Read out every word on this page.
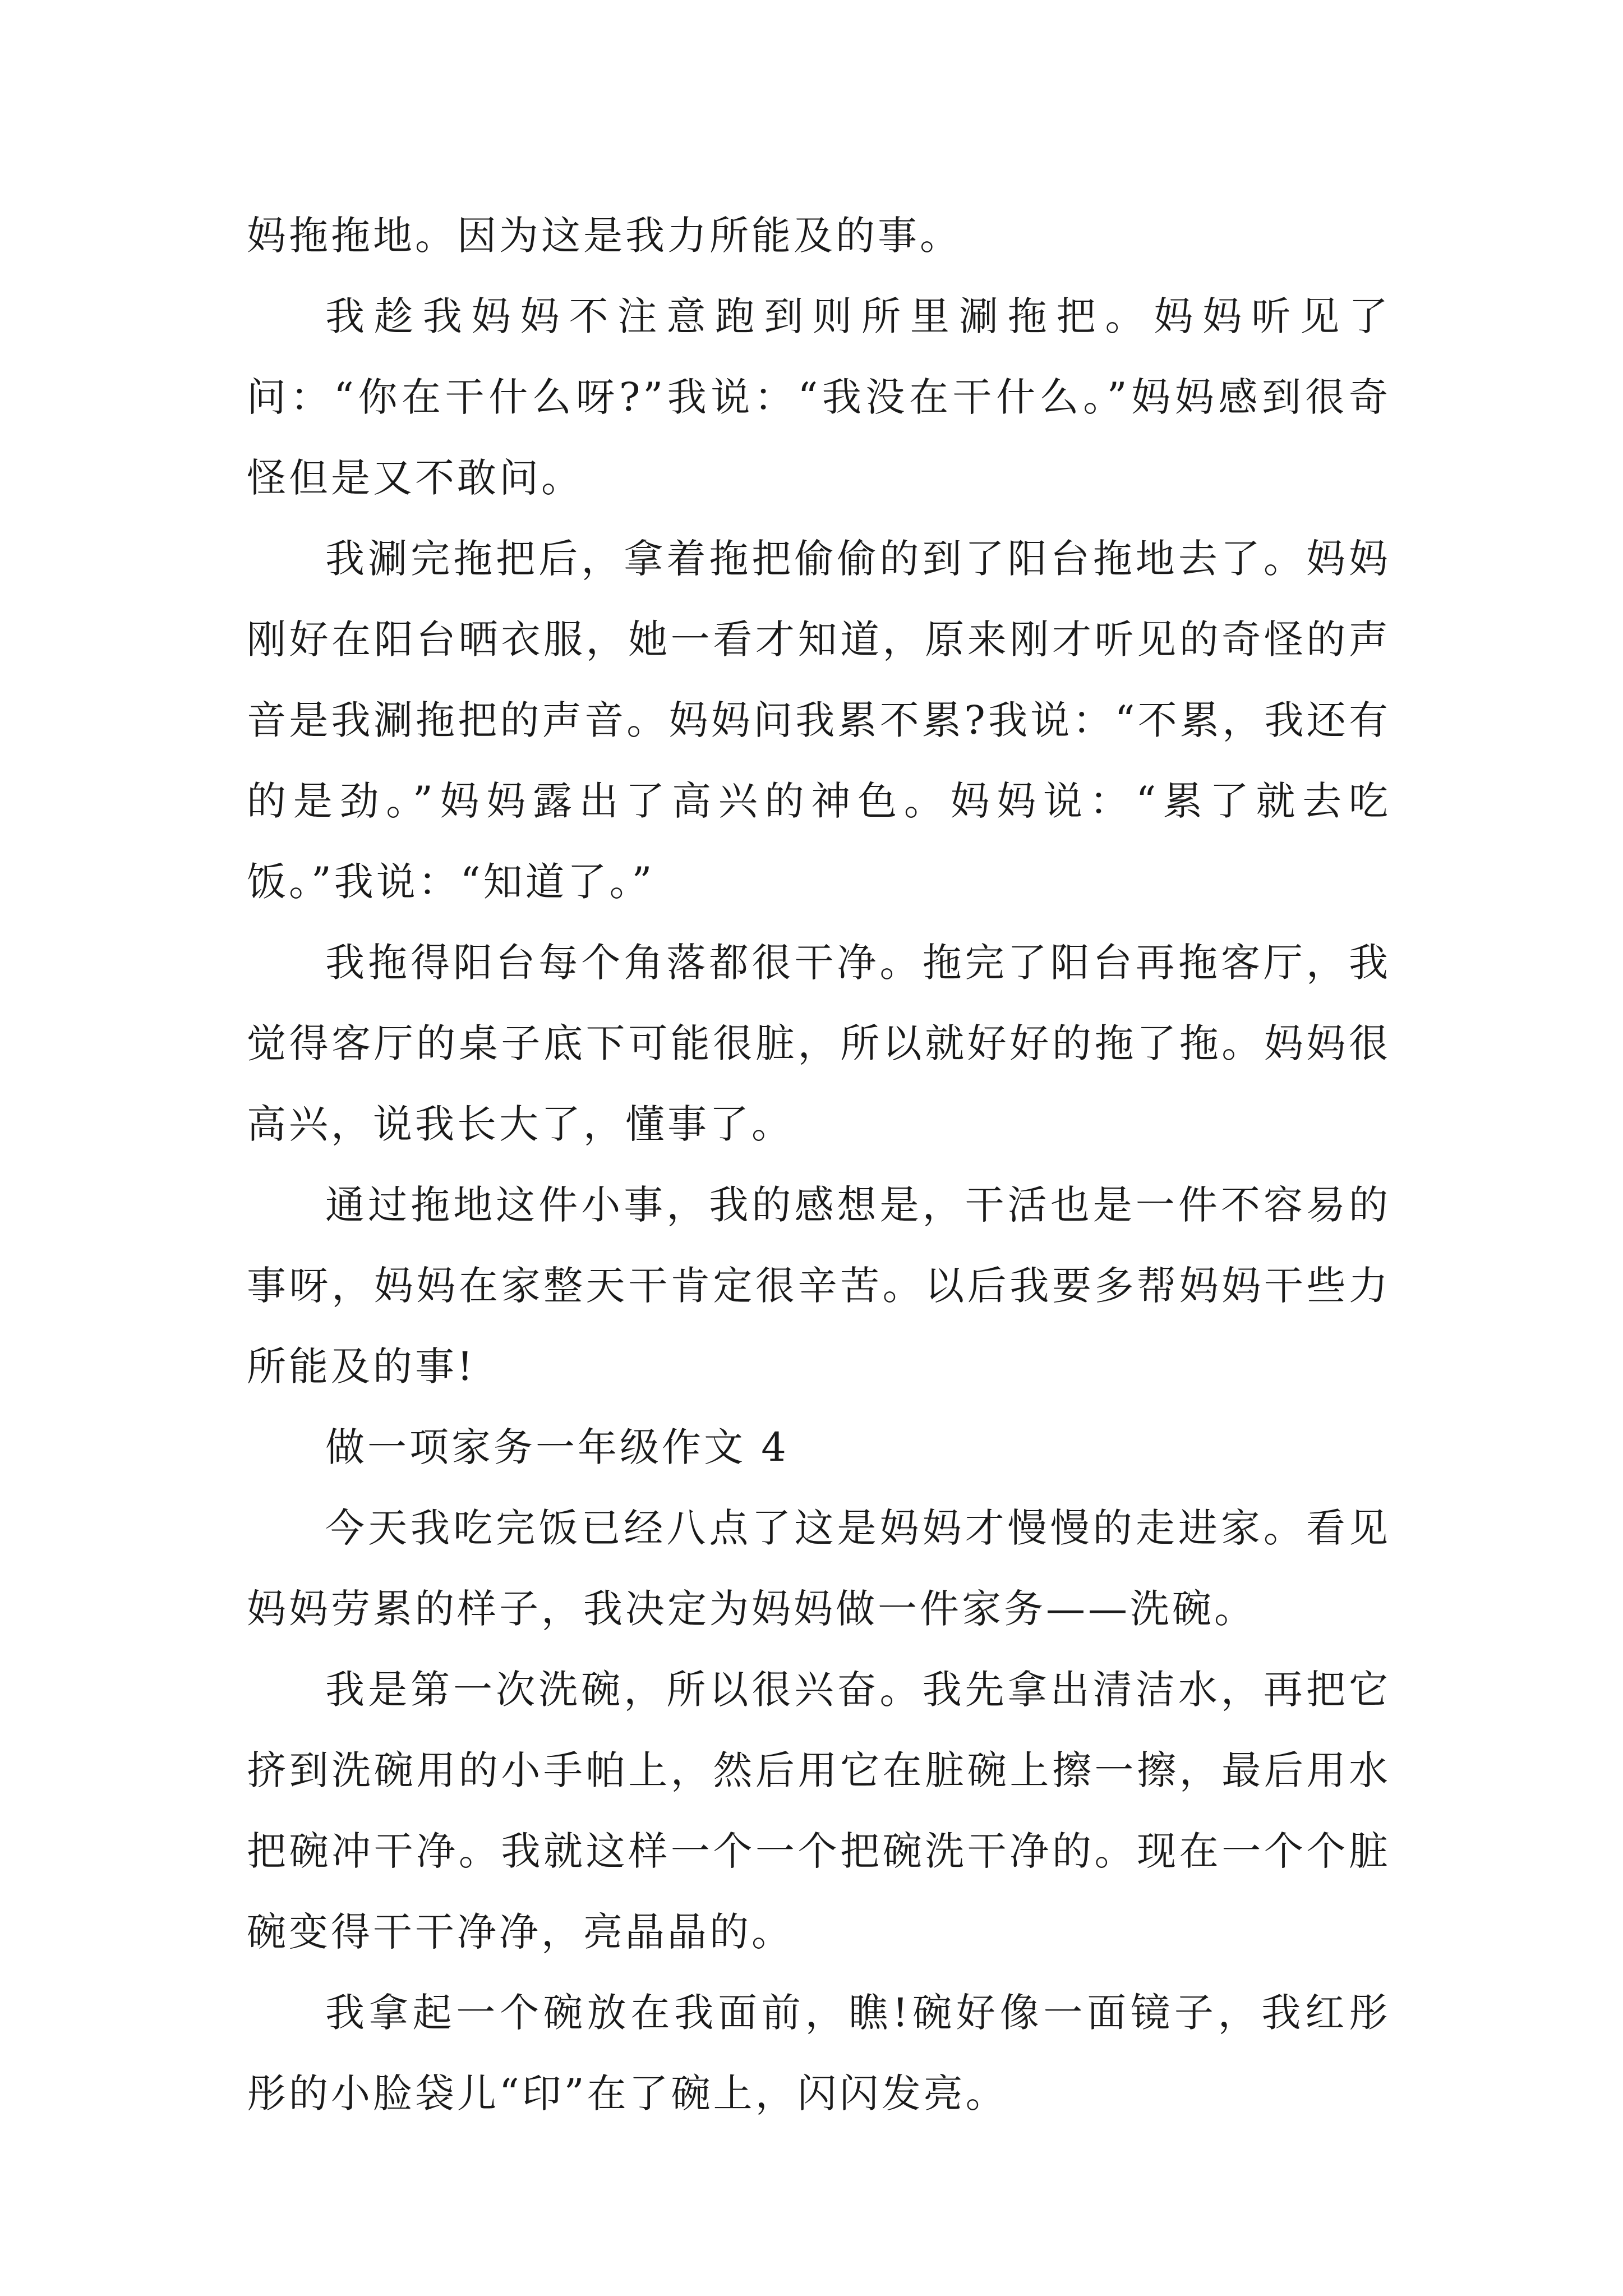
妈拖拖地。因为这是我力所能及的事。

我趁我妈妈不注意跑到则所里涮拖把。妈妈听见了问：“你在干什么呀?”我说：“我没在干什么。”妈妈感到很奇怪但是又不敢问。

我涮完拖把后，拿着拖把偷偷的到了阳台拖地去了。妈妈刚好在阳台晒衣服，她一看才知道，原来刚才听见的奇怪的声音是我涮拖把的声音。妈妈问我累不累?我说：“不累，我还有的是劲。”妈妈露出了高兴的神色。妈妈说：“累了就去吃饭。”我说：“知道了。”

我拖得阳台每个角落都很干净。拖完了阳台再拖客厅，我觉得客厅的桌子底下可能很脏，所以就好好的拖了拖。妈妈很高兴，说我长大了，懂事了。

通过拖地这件小事，我的感想是，干活也是一件不容易的事呀，妈妈在家整天干肯定很辛苦。以后我要多帮妈妈干些力所能及的事!

做一项家务一年级作文 4

今天我吃完饭已经八点了这是妈妈才慢慢的走进家。看见妈妈劳累的样子，我决定为妈妈做一件家务——洗碗。

我是第一次洗碗，所以很兴奋。我先拿出清洁水，再把它挤到洗碗用的小手帕上，然后用它在脏碗上擦一擦，最后用水把碗冲干净。我就这样一个一个把碗洗干净的。现在一个个脏碗变得干干净净，亮晶晶的。

我拿起一个碗放在我面前，瞧!碗好像一面镜子，我红彤彤的小脸袋儿“印”在了碗上，闪闪发亮。
